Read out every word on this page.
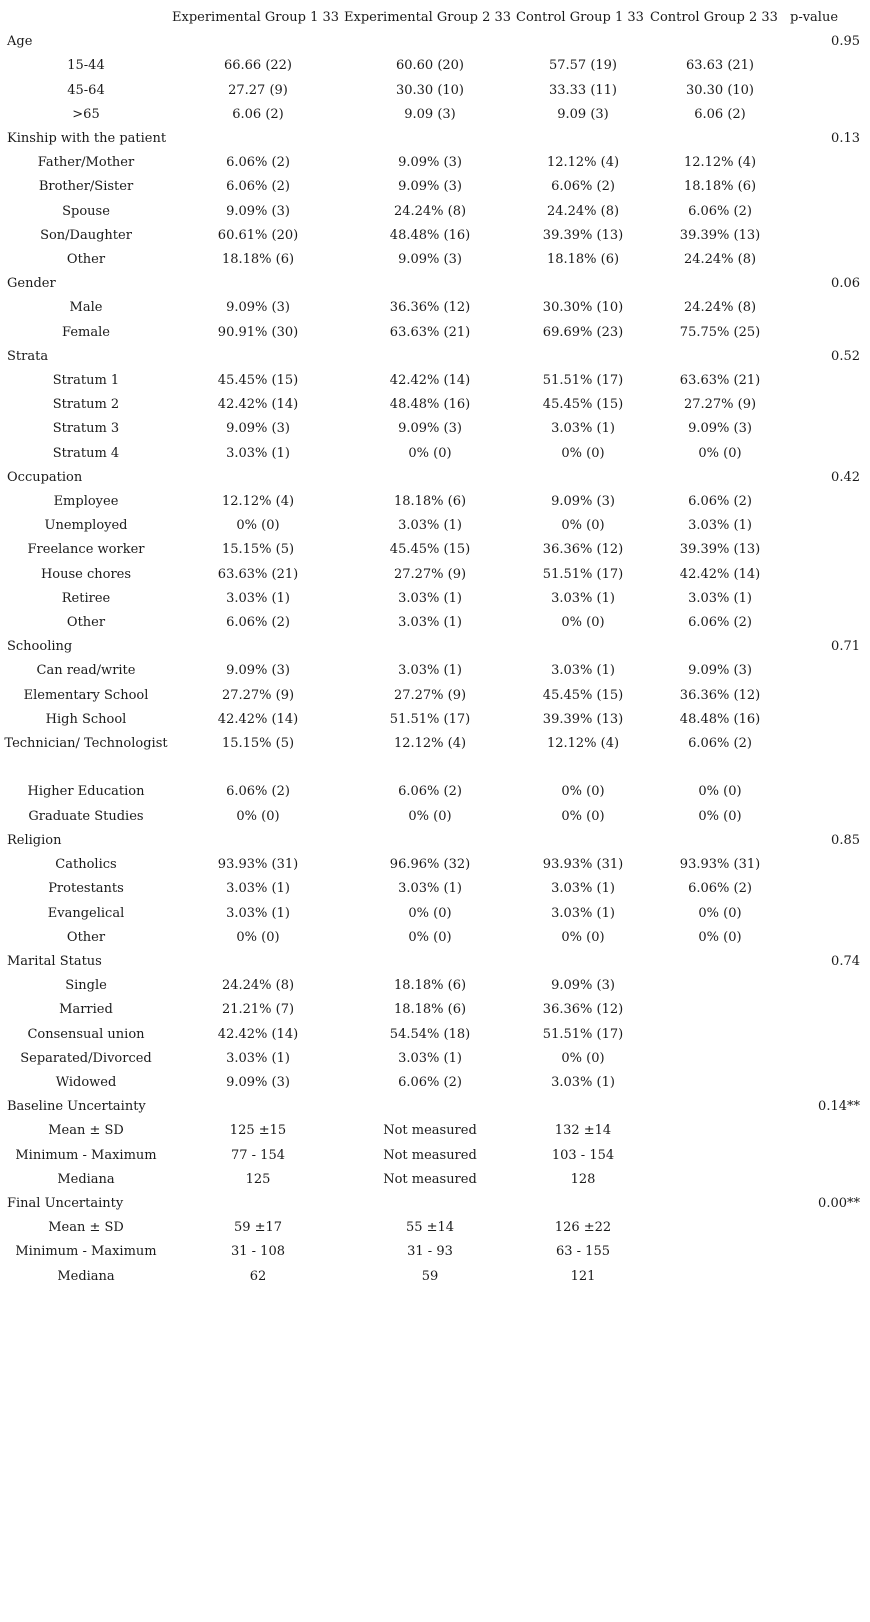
	Experimental Group 1 33	Experimental Group 2 33	Control Group 1 33	Control Group 2 33	p-value
Age					0.95
15-44	66.66 (22)	60.60 (20)	57.57 (19)	63.63 (21)	
45-64	27.27 (9)	30.30 (10)	33.33 (11)	30.30 (10)	
>65	6.06 (2)	9.09 (3)	9.09 (3)	6.06 (2)	
Kinship with the patient					0.13
Father/Mother	6.06% (2)	9.09% (3)	12.12% (4)	12.12% (4)	
Brother/Sister	6.06% (2)	9.09% (3)	6.06% (2)	18.18% (6)	
Spouse	9.09% (3)	24.24% (8)	24.24% (8)	6.06% (2)	
Son/Daughter	60.61% (20)	48.48% (16)	39.39% (13)	39.39% (13)	
Other	18.18% (6)	9.09% (3)	18.18% (6)	24.24% (8)	
Gender					0.06
Male	9.09% (3)	36.36% (12)	30.30% (10)	24.24% (8)	
Female	90.91% (30)	63.63% (21)	69.69% (23)	75.75% (25)	
Strata					0.52
Stratum 1	45.45% (15)	42.42% (14)	51.51% (17)	63.63% (21)	
Stratum 2	42.42% (14)	48.48% (16)	45.45% (15)	27.27% (9)	
Stratum 3	9.09% (3)	9.09% (3)	3.03% (1)	9.09% (3)	
Stratum 4	3.03% (1)	0% (0)	0% (0)	0% (0)	
Occupation					0.42
Employee	12.12% (4)	18.18% (6)	9.09% (3)	6.06% (2)	
Unemployed	0% (0)	3.03% (1)	0% (0)	3.03% (1)	
Freelance worker	15.15% (5)	45.45% (15)	36.36% (12)	39.39% (13)	
House chores	63.63% (21)	27.27% (9)	51.51% (17)	42.42% (14)	
Retiree	3.03% (1)	3.03% (1)	3.03% (1)	3.03% (1)	
Other	6.06% (2)	3.03% (1)	0% (0)	6.06% (2)	
Schooling					0.71
Can read/write	9.09% (3)	3.03% (1)	3.03% (1)	9.09% (3)	
Elementary School	27.27% (9)	27.27% (9)	45.45% (15)	36.36% (12)	
High School	42.42% (14)	51.51% (17)	39.39% (13)	48.48% (16)	
Technician/ Technologist	15.15% (5)	12.12% (4)	12.12% (4)	6.06% (2)	
Higher Education	6.06% (2)	6.06% (2)	0% (0)	0% (0)	
Graduate Studies	0% (0)	0% (0)	0% (0)	0% (0)	
Religion					0.85
Catholics	93.93% (31)	96.96% (32)	93.93% (31)	93.93% (31)	
Protestants	3.03% (1)	3.03% (1)	3.03% (1)	6.06% (2)	
Evangelical	3.03% (1)	0% (0)	3.03% (1)	0% (0)	
Other	0% (0)	0% (0)	0% (0)	0% (0)	
Marital Status					0.74
Single	24.24% (8)	18.18% (6)	9.09% (3)		
Married	21.21% (7)	18.18% (6)	36.36% (12)		
Consensual union	42.42% (14)	54.54% (18)	51.51% (17)		
Separated/Divorced	3.03% (1)	3.03% (1)	0% (0)		
Widowed	9.09% (3)	6.06% (2)	3.03% (1)		
Baseline Uncertainty					0.14**
Mean ± SD	125 ±15	Not measured	132 ±14		
Minimum - Maximum	77 - 154	Not measured	103 - 154		
Mediana	125	Not measured	128		
Final Uncertainty					0.00**
Mean ± SD	59 ±17	55 ±14	126 ±22		
Minimum - Maximum	31 - 108	31 - 93	63 - 155		
Mediana	62	59	121		
